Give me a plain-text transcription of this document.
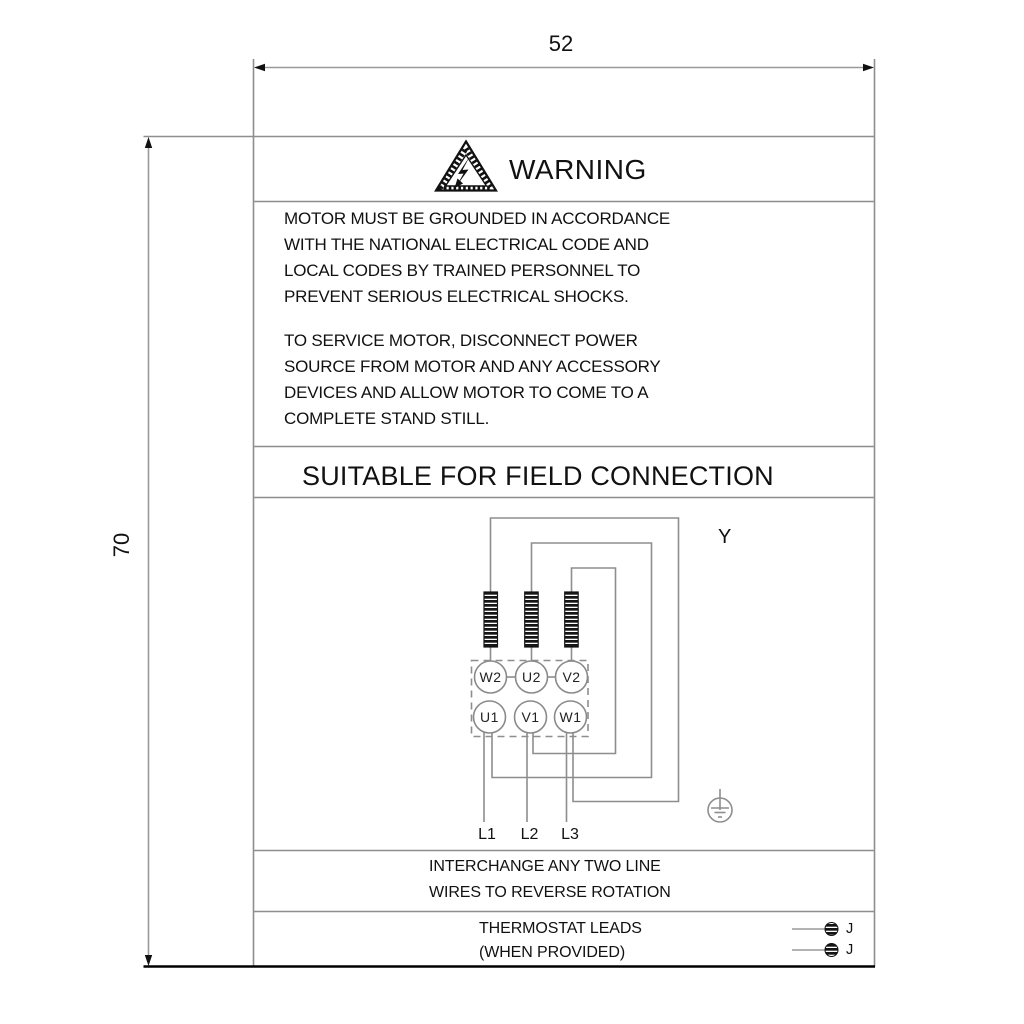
52
70
WARNING
MOTOR MUST BE GROUNDED IN ACCORDANCE
WITH THE NATIONAL ELECTRICAL CODE AND
LOCAL CODES BY TRAINED PERSONNEL TO
PREVENT SERIOUS ELECTRICAL SHOCKS.
TO SERVICE MOTOR, DISCONNECT POWER
SOURCE FROM MOTOR AND ANY ACCESSORY
DEVICES AND ALLOW MOTOR TO COME TO A
COMPLETE STAND STILL.
SUITABLE FOR FIELD CONNECTION
Y
W2	U2	V2
U1	V1	W1
L1 L2 L3
INTERCHANGE ANY TWO LINE
WIRES TO REVERSE ROTATION
THERMOSTAT LEADS
(WHEN PROVIDED)
J
J
